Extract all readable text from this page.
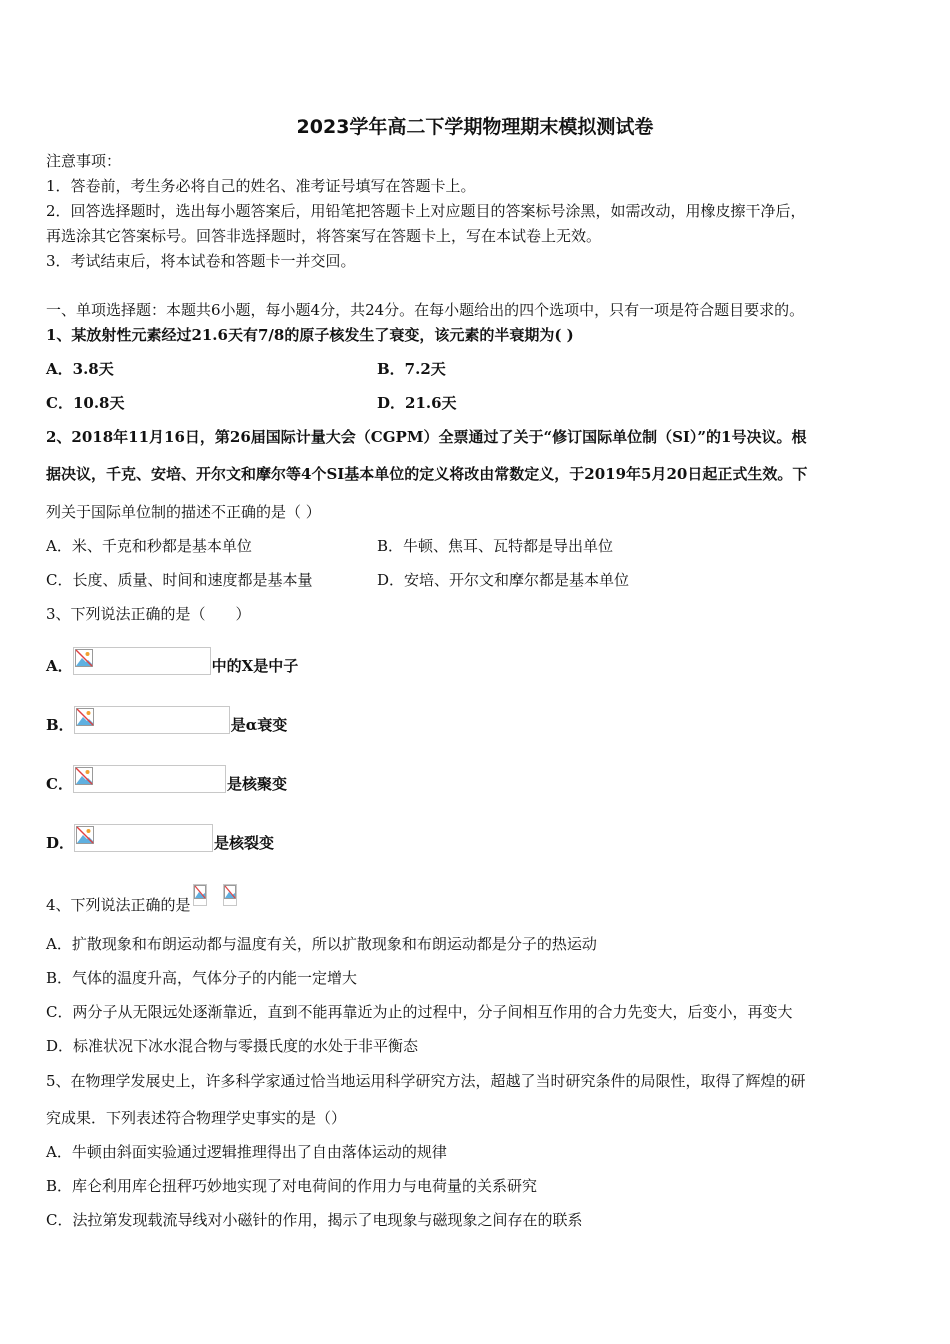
2023学年高二下学期物理期末模拟测试卷
注意事项：
1．答卷前，考生务必将自己的姓名、准考证号填写在答题卡上。
2．回答选择题时，选出每小题答案后，用铅笔把答题卡上对应题目的答案标号涂黑，如需改动，用橡皮擦干净后，
再选涂其它答案标号。回答非选择题时，将答案写在答题卡上，写在本试卷上无效。
3．考试结束后，将本试卷和答题卡一并交回。
一、单项选择题：本题共6小题，每小题4分，共24分。在每小题给出的四个选项中，只有一项是符合题目要求的。
1、某放射性元素经过21.6天有7/8的原子核发生了衰变，该元素的半衰期为( )
A．3.8天	B．7.2天
C．10.8天	D．21.6天
2、2018年11月16日，第26届国际计量大会（CGPM）全票通过了关于“修订国际单位制（SI）”的1号决议。根
据决议，千克、安培、开尔文和摩尔等4个SI基本单位的定义将改由常数定义，于2019年5月20日起正式生效。下
列关于国际单位制的描述不正确的是（ ）
A．米、千克和秒都是基本单位	B．牛顿、焦耳、瓦特都是导出单位
C．长度、质量、时间和速度都是基本量	D．安培、开尔文和摩尔都是基本单位
3、下列说法正确的是（　　）
A．	中的X是中子
B．	是α衰变
C．	是核聚变
D．	是核裂变
4、下列说法正确的是
A．扩散现象和布朗运动都与温度有关，所以扩散现象和布朗运动都是分子的热运动
B．气体的温度升高，气体分子的内能一定增大
C．两分子从无限远处逐渐靠近，直到不能再靠近为止的过程中，分子间相互作用的合力先变大，后变小，再变大
D．标准状况下冰水混合物与零摄氏度的水处于非平衡态
5、在物理学发展史上，许多科学家通过恰当地运用科学研究方法，超越了当时研究条件的局限性，取得了辉煌的研
究成果．下列表述符合物理学史事实的是（）
A．牛顿由斜面实验通过逻辑推理得出了自由落体运动的规律
B．库仑利用库仑扭秤巧妙地实现了对电荷间的作用力与电荷量的关系研究
C．法拉第发现载流导线对小磁针的作用，揭示了电现象与磁现象之间存在的联系
